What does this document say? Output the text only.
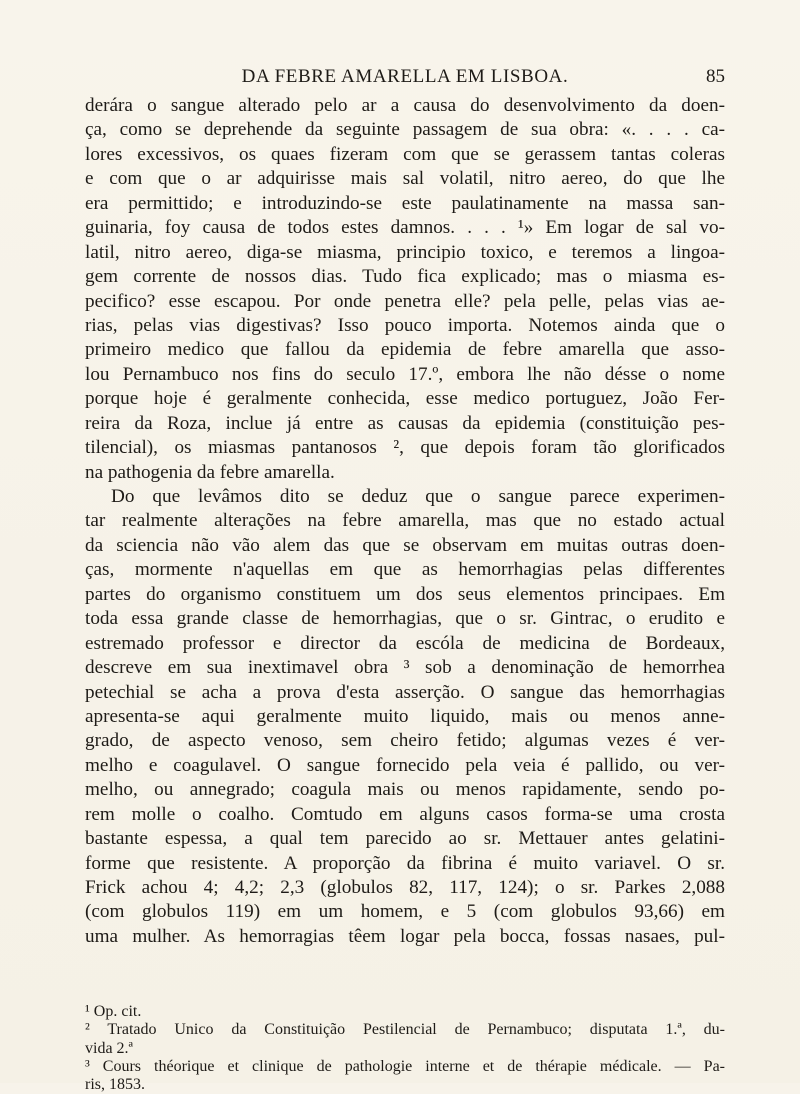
DA FEBRE AMARELLA EM LISBOA.	85
derára o sangue alterado pelo ar a causa do desenvolvimento da doen-
ça, como se deprehende da seguinte passagem de sua obra: «. . . . ca-
lores excessivos, os quaes fizeram com que se gerassem tantas coleras
e com que o ar adquirisse mais sal volatil, nitro aereo, do que lhe
era permittido; e introduzindo-se este paulatinamente na massa san-
guinaria, foy causa de todos estes damnos. . . . ¹» Em logar de sal vo-
latil, nitro aereo, diga-se miasma, principio toxico, e teremos a lingoa-
gem corrente de nossos dias. Tudo fica explicado; mas o miasma es-
pecifico? esse escapou. Por onde penetra elle? pela pelle, pelas vias ae-
rias, pelas vias digestivas? Isso pouco importa. Notemos ainda que o
primeiro medico que fallou da epidemia de febre amarella que asso-
lou Pernambuco nos fins do seculo 17.º, embora lhe não désse o nome
porque hoje é geralmente conhecida, esse medico portuguez, João Fer-
reira da Roza, inclue já entre as causas da epidemia (constituição pes-
tilencial), os miasmas pantanosos ², que depois foram tão glorificados
na pathogenia da febre amarella.
Do que levâmos dito se deduz que o sangue parece experimen-
tar realmente alterações na febre amarella, mas que no estado actual
da sciencia não vão alem das que se observam em muitas outras doen-
ças, mormente n'aquellas em que as hemorrhagias pelas differentes
partes do organismo constituem um dos seus elementos principaes. Em
toda essa grande classe de hemorrhagias, que o sr. Gintrac, o erudito e
estremado professor e director da escóla de medicina de Bordeaux,
descreve em sua inextimavel obra ³ sob a denominação de hemorrhea
petechial se acha a prova d'esta asserção. O sangue das hemorrhagias
apresenta-se aqui geralmente muito liquido, mais ou menos anne-
grado, de aspecto venoso, sem cheiro fetido; algumas vezes é ver-
melho e coagulavel. O sangue fornecido pela veia é pallido, ou ver-
melho, ou annegrado; coagula mais ou menos rapidamente, sendo po-
rem molle o coalho. Comtudo em alguns casos forma-se uma crosta
bastante espessa, a qual tem parecido ao sr. Mettauer antes gelatini-
forme que resistente. A proporção da fibrina é muito variavel. O sr.
Frick achou 4; 4,2; 2,3 (globulos 82, 117, 124); o sr. Parkes 2,088
(com globulos 119) em um homem, e 5 (com globulos 93,66) em
uma mulher. As hemorragias têem logar pela bocca, fossas nasaes, pul-
¹ Op. cit.
² Tratado Unico da Constituição Pestilencial de Pernambuco; disputata 1.ª, du-
vida 2.ª
³ Cours théorique et clinique de pathologie interne et de thérapie médicale. — Pa-
ris, 1853.
